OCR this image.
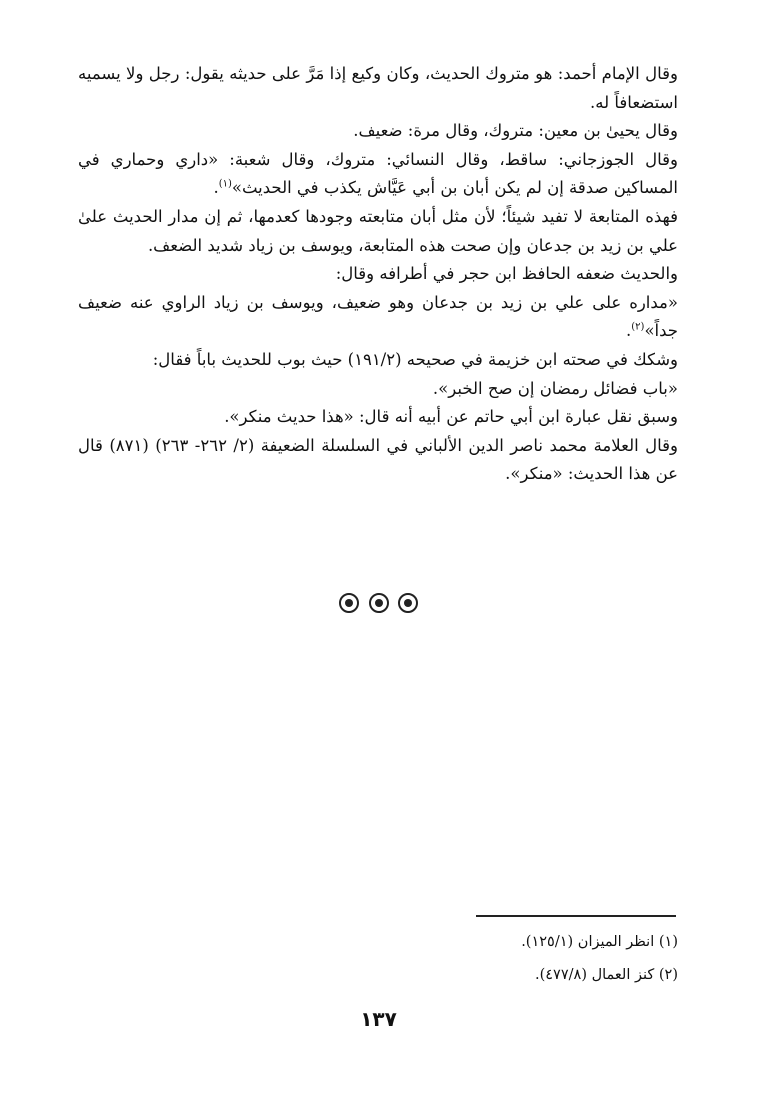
وقال الإمام أحمد: هو متروك الحديث، وكان وكيع إذا مَرَّ على حديثه يقول: رجل ولا يسميه استضعافاً له.

وقال يحيىٰ بن معين: متروك، وقال مرة: ضعيف.

وقال الجوزجاني: ساقط، وقال النسائي: متروك، وقال شعبة: «داري وحماري في المساكين صدقة إن لم يكن أبان بن أبي عَيَّاش يكذب في الحديث»$^{(١)}$.

فهذه المتابعة لا تفيد شيئاً؛ لأن مثل أبان متابعته وجودها كعدمها، ثم إن مدار الحديث علىٰ علي بن زيد بن جدعان وإن صحت هذه المتابعة، ويوسف بن زياد شديد الضعف.

والحديث ضعفه الحافظ ابن حجر في أطرافه وقال:

«مداره على علي بن زيد بن جدعان وهو ضعيف، ويوسف بن زياد الراوي عنه ضعيف جداً»$^{(٢)}$.

وشكك في صحته ابن خزيمة في صحيحه (١٩١/٢) حيث بوب للحديث باباً فقال:

«باب فضائل رمضان إن صح الخبر».

وسبق نقل عبارة ابن أبي حاتم عن أبيه أنه قال: «هذا حديث منكر».

وقال العلامة محمد ناصر الدين الألباني في السلسلة الضعيفة (٢/ ٢٦٢- ٢٦٣) (٨٧١) قال عن هذا الحديث: «منكر».

(١) انظر الميزان (١٢٥/١).

(٢) كنز العمال (٤٧٧/٨).

١٣٧
